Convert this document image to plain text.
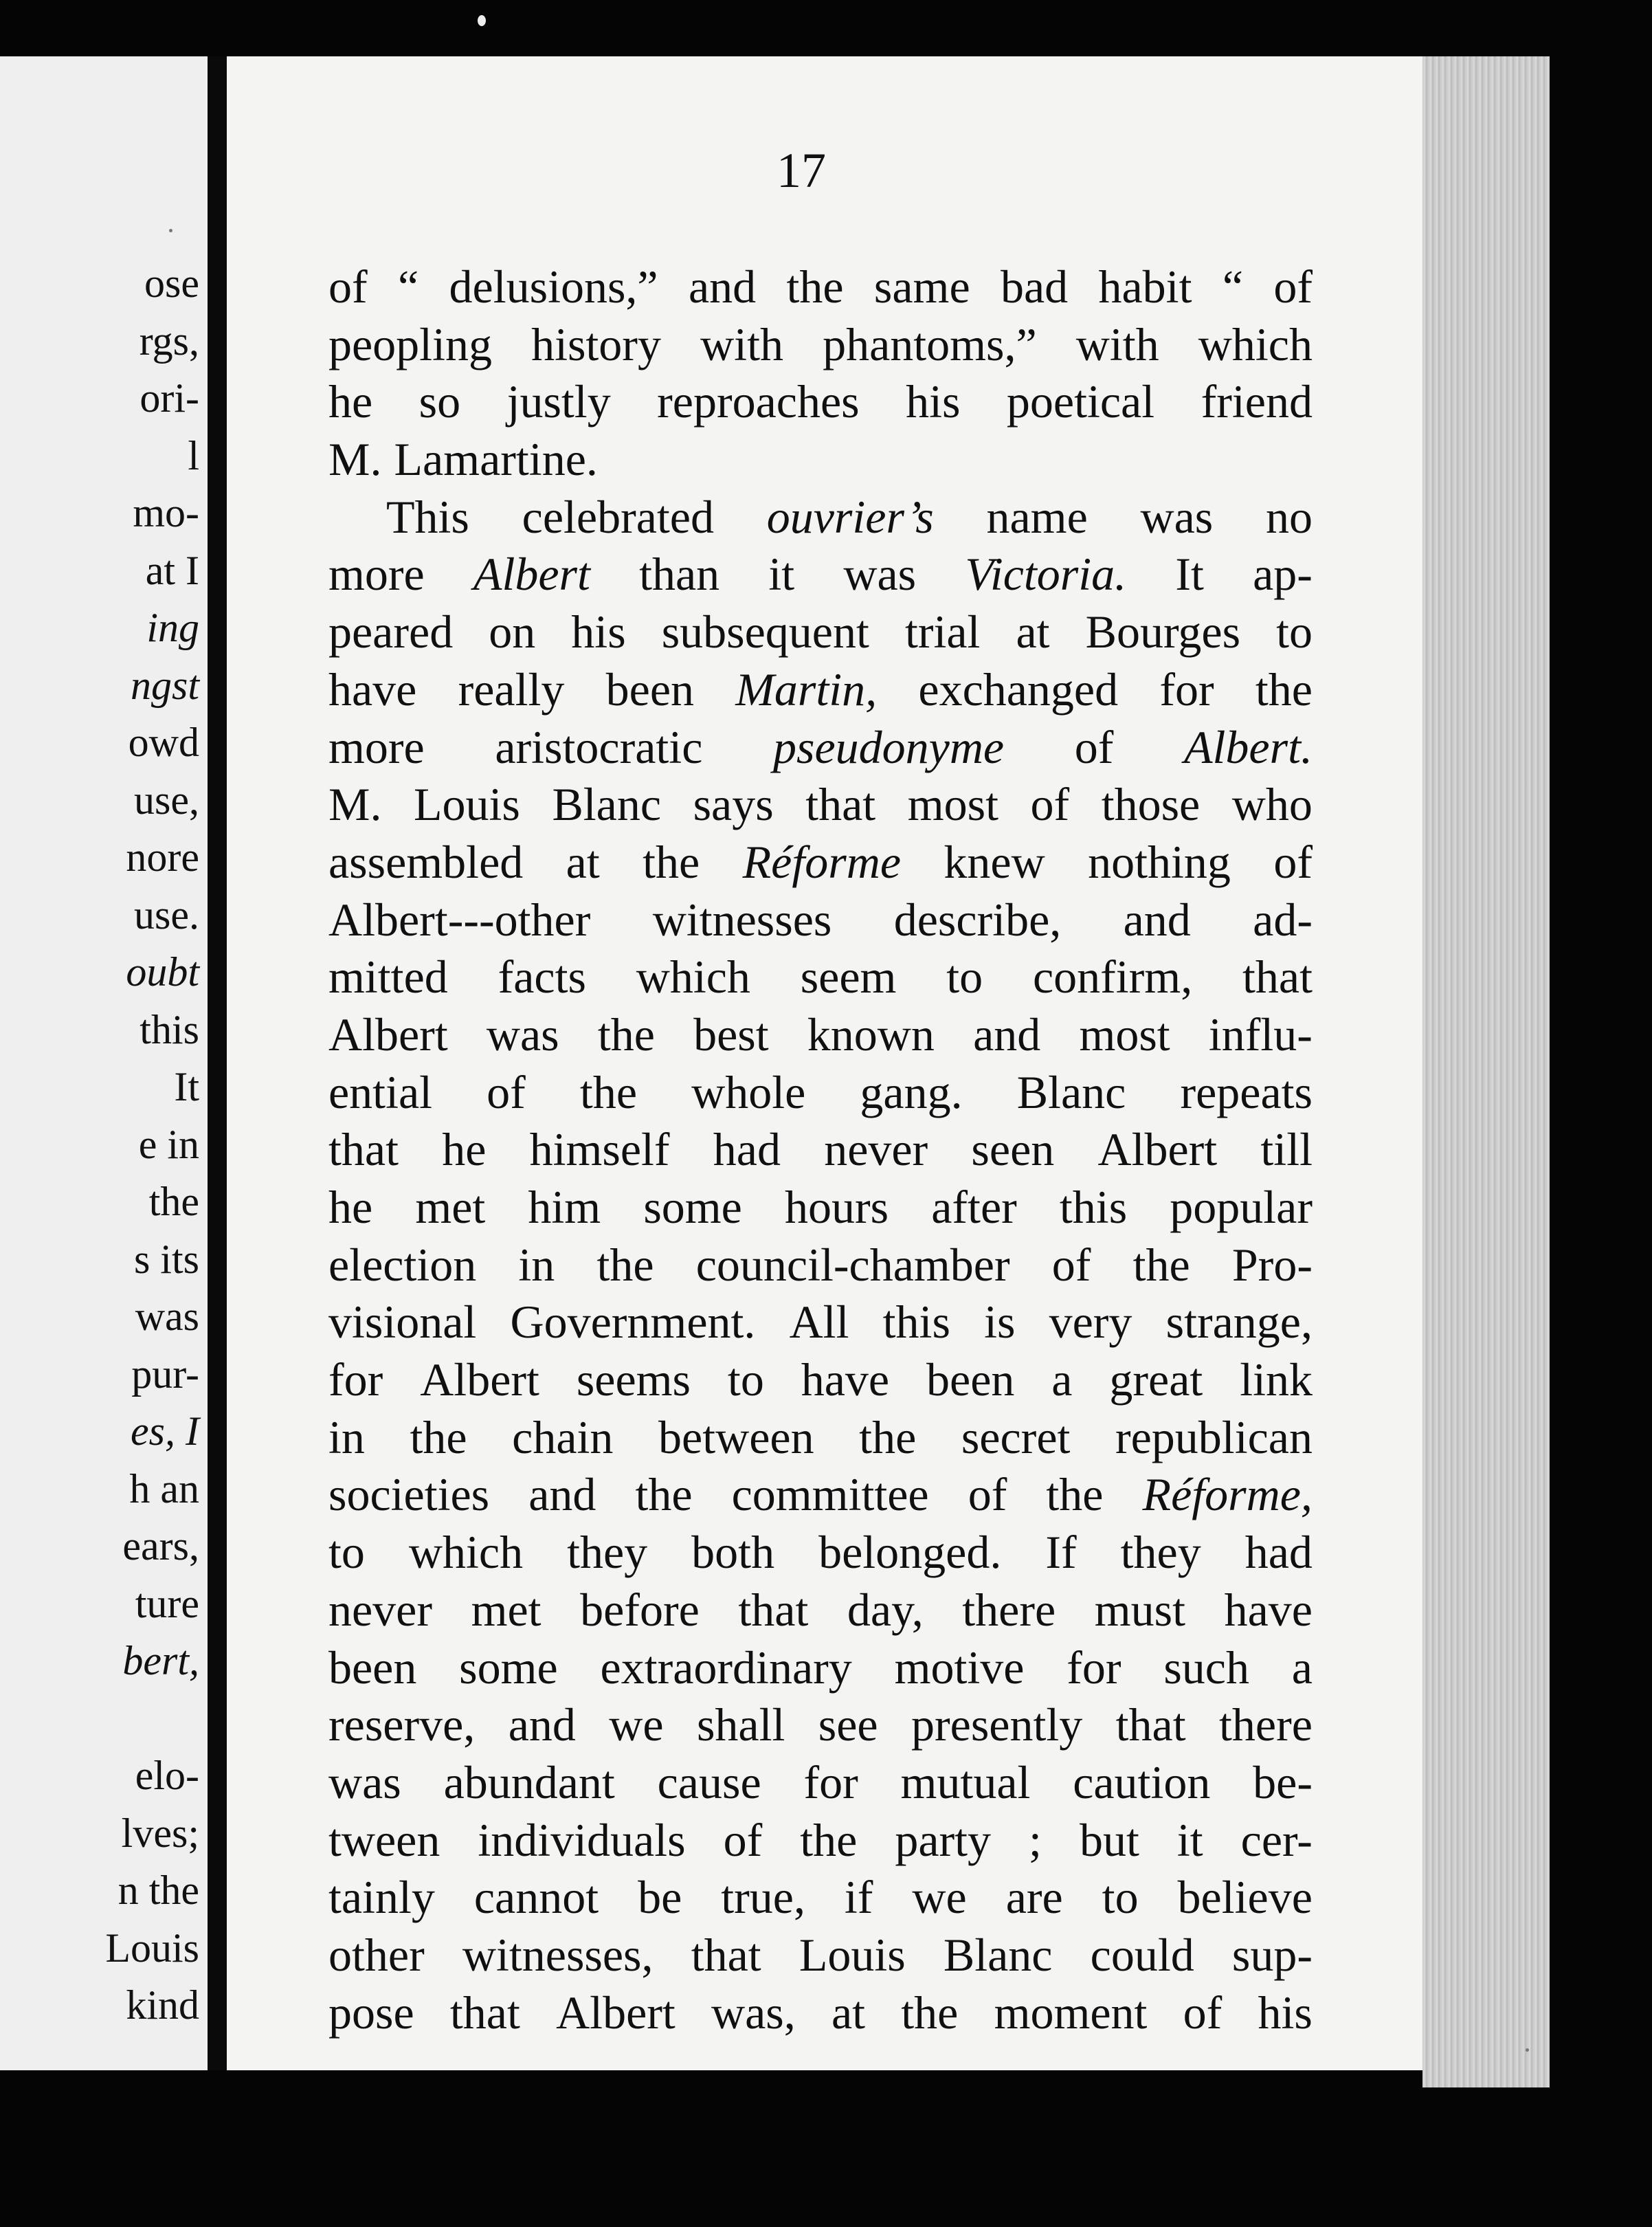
ose
rgs,
ori-
l
mo-
at I
ing
ngst
owd
use,
nore
use.
oubt
this
It
e in
the
s its
was
pur-
es, I
h an
ears,
ture
bert,
elo-
lves;
n the
Louis
kind
17
of “ delusions,” and the same bad habit “ of
peopling history with phantoms,” with which
he so justly reproaches his poetical friend
M. Lamartine.
This celebrated ouvrier’s name was no
more Albert than it was Victoria. It ap-
peared on his subsequent trial at Bourges to
have really been Martin, exchanged for the
more aristocratic pseudonyme of Albert.
M. Louis Blanc says that most of those who
assembled at the Réforme knew nothing of
Albert---other witnesses describe, and ad-
mitted facts which seem to confirm, that
Albert was the best known and most influ-
ential of the whole gang. Blanc repeats
that he himself had never seen Albert till
he met him some hours after this popular
election in the council-chamber of the Pro-
visional Government. All this is very strange,
for Albert seems to have been a great link
in the chain between the secret republican
societies and the committee of the Réforme,
to which they both belonged. If they had
never met before that day, there must have
been some extraordinary motive for such a
reserve, and we shall see presently that there
was abundant cause for mutual caution be-
tween individuals of the party ; but it cer-
tainly cannot be true, if we are to believe
other witnesses, that Louis Blanc could sup-
pose that Albert was, at the moment of his
